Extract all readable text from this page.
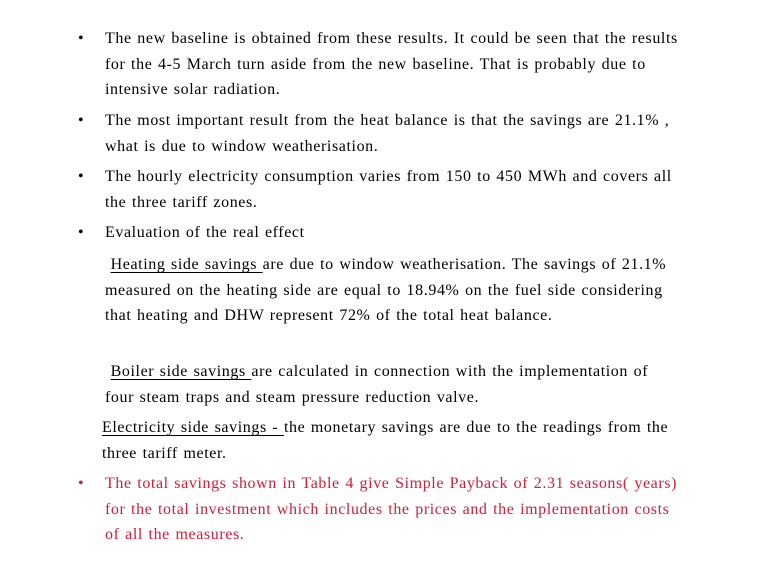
•	The new baseline is obtained from these results. It could be seen that the results for the 4-5 March turn aside from the new baseline. That is probably due to intensive solar radiation.
•	The most important result from the heat balance is that the savings are 21.1% , what is due to window weatherisation.
•	The hourly electricity consumption varies from 150 to 450 MWh and covers all the three tariff zones.
•	Evaluation of the real effect
Heating side savings are due to window weatherisation. The savings of 21.1% measured on the heating side are equal to 18.94% on the fuel side considering that heating and DHW represent 72% of the total heat balance.
Boiler side savings are calculated in connection with the implementation of four steam traps and steam pressure reduction valve.
Electricity side savings - the monetary savings are due to the readings from the three tariff meter.
•	The total savings shown in Table 4 give Simple Payback of 2.31 seasons( years) for the total investment which includes the prices and the implementation costs of all the measures.
